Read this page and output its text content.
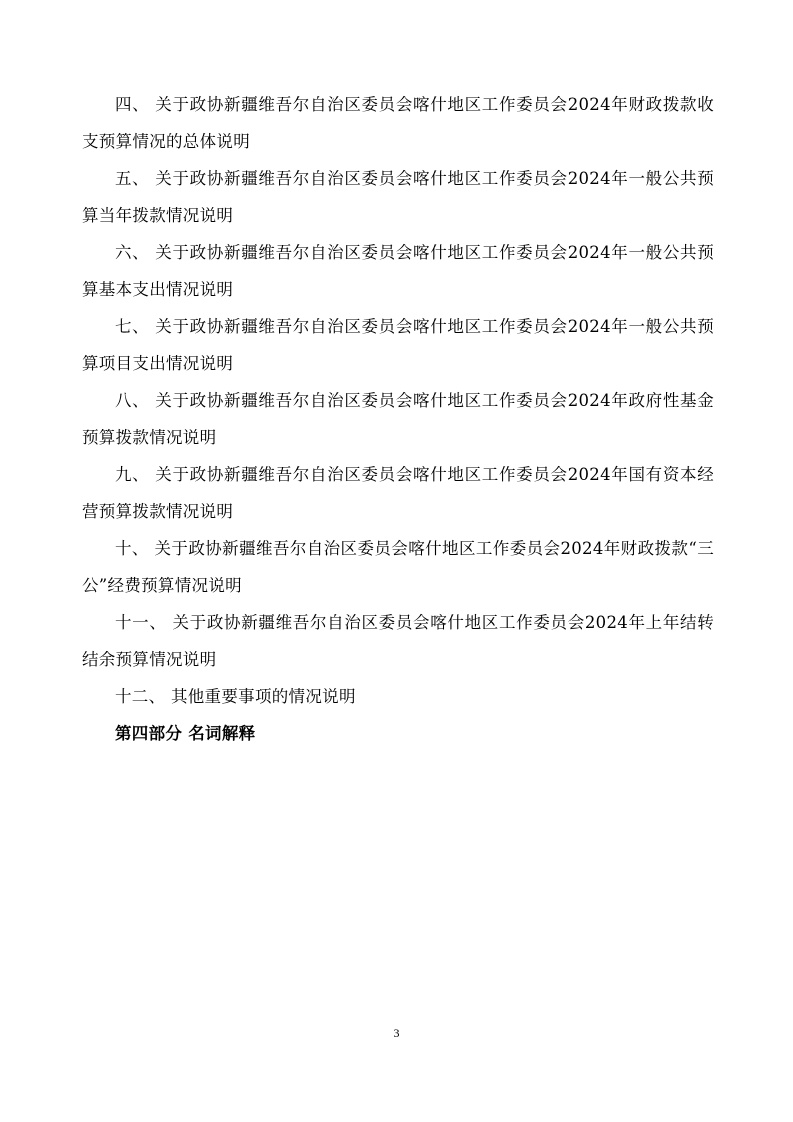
四、 关于政协新疆维吾尔自治区委员会喀什地区工作委员会2024年财政拨款收支预算情况的总体说明

五、 关于政协新疆维吾尔自治区委员会喀什地区工作委员会2024年一般公共预算当年拨款情况说明

六、 关于政协新疆维吾尔自治区委员会喀什地区工作委员会2024年一般公共预算基本支出情况说明

七、 关于政协新疆维吾尔自治区委员会喀什地区工作委员会2024年一般公共预算项目支出情况说明

八、 关于政协新疆维吾尔自治区委员会喀什地区工作委员会2024年政府性基金预算拨款情况说明

九、 关于政协新疆维吾尔自治区委员会喀什地区工作委员会2024年国有资本经营预算拨款情况说明

十、 关于政协新疆维吾尔自治区委员会喀什地区工作委员会2024年财政拨款“三公”经费预算情况说明

十一、 关于政协新疆维吾尔自治区委员会喀什地区工作委员会2024年上年结转结余预算情况说明

十二、 其他重要事项的情况说明

第四部分 名词解释

3
